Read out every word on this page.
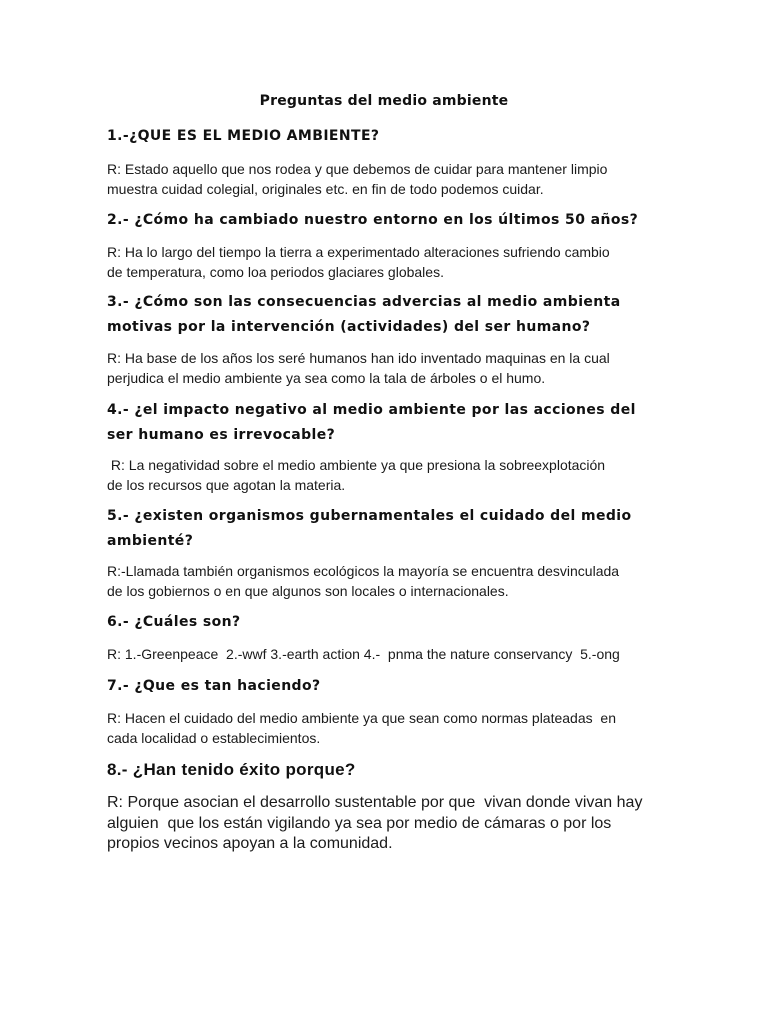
Preguntas del medio ambiente
1.-¿QUE ES EL MEDIO AMBIENTE?
R: Estado aquello que nos rodea y que debemos de cuidar para mantener limpio
muestra cuidad colegial, originales etc. en fin de todo podemos cuidar.
2.- ¿Cómo ha cambiado nuestro entorno en los últimos 50 años?
R: Ha lo largo del tiempo la tierra a experimentado alteraciones sufriendo cambio
de temperatura, como loa periodos glaciares globales.
3.- ¿Cómo son las consecuencias advercias al medio ambienta
motivas por la intervención (actividades) del ser humano?
R: Ha base de los años los seré humanos han ido inventado maquinas en la cual
perjudica el medio ambiente ya sea como la tala de árboles o el humo.
4.- ¿el impacto negativo al medio ambiente por las acciones del
ser humano es irrevocable?
R: La negatividad sobre el medio ambiente ya que presiona la sobreexplotación
de los recursos que agotan la materia.
5.- ¿existen organismos gubernamentales el cuidado del medio
ambienté?
R:-Llamada también organismos ecológicos la mayoría se encuentra desvinculada
de los gobiernos o en que algunos son locales o internacionales.
6.- ¿Cuáles son?
R: 1.-Greenpeace  2.-wwf 3.-earth action 4.-  pnma the nature conservancy  5.-ong
7.- ¿Que es tan haciendo?
R: Hacen el cuidado del medio ambiente ya que sean como normas plateadas  en
cada localidad o establecimientos.
8.- ¿Han tenido éxito porque?
R: Porque asocian el desarrollo sustentable por que  vivan donde vivan hay
alguien  que los están vigilando ya sea por medio de cámaras o por los
propios vecinos apoyan a la comunidad.
